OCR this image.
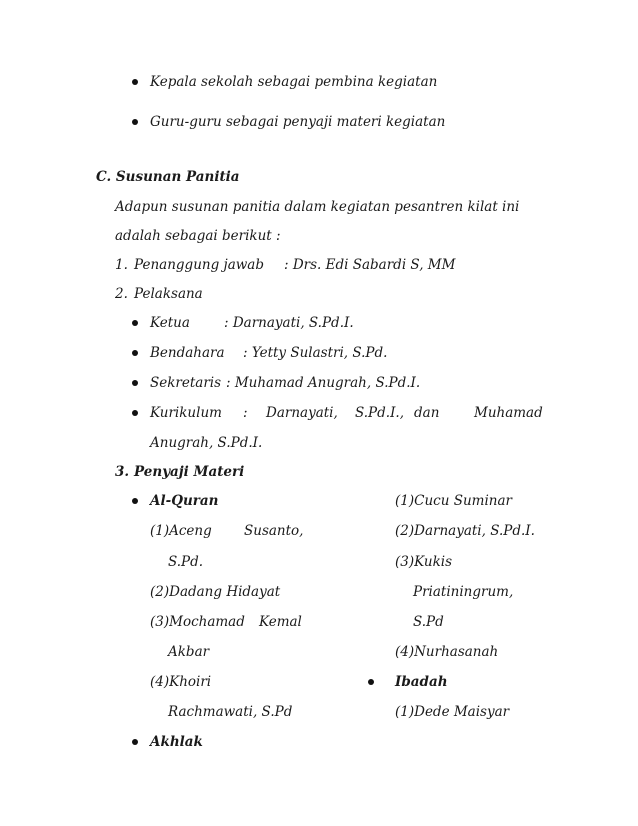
Kepala sekolah sebagai pembina kegiatan
Guru-guru sebagai penyaji materi kegiatan
C. Susunan Panitia
Adapun susunan panitia dalam kegiatan pesantren kilat ini
adalah sebagai berikut :
1. Penanggung jawab : Drs. Edi Sabardi S, MM
2. Pelaksana
Ketua	: Darnayati, S.Pd.I.
Bendahara : Yetty Sulastri, S.Pd.
Sekretaris : Muhamad Anugrah, S.Pd.I.
Kurikulum : Darnayati, S.Pd.I., dan	Muhamad
Anugrah, S.Pd.I.
3. Penyaji Materi
Al-Quran
(1)Aceng Susanto,
S.Pd.
(2)Dadang Hidayat
(3)Mochamad Kemal
Akbar
(4)Khoiri
Rachmawati, S.Pd
Akhlak
(1)Cucu Suminar
(2)Darnayati, S.Pd.I.
(3)Kukis
Priatiningrum,
S.Pd
(4)Nurhasanah
Ibadah
(1)Dede Maisyar
